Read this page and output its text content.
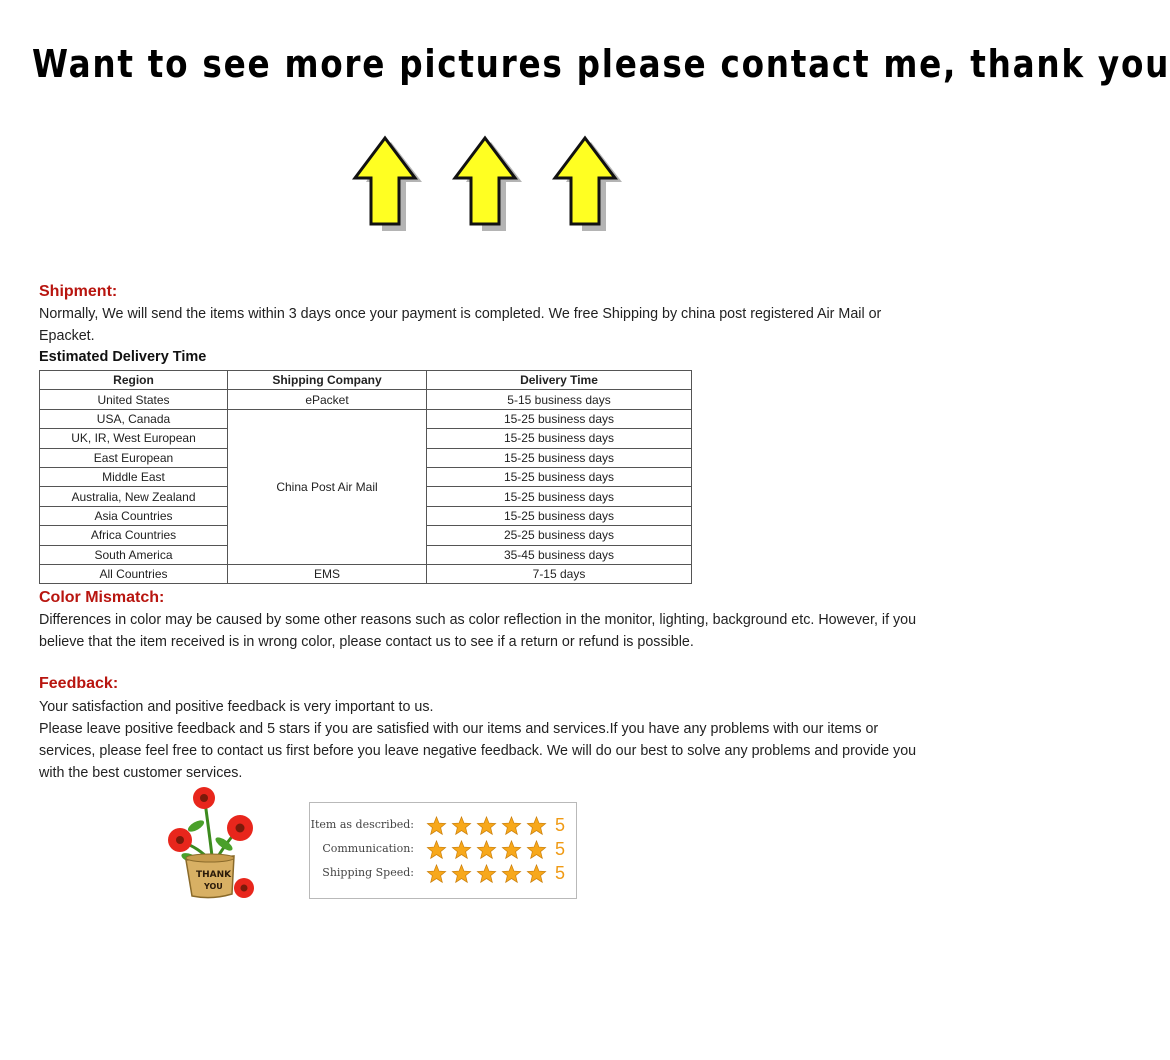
Want to see more pictures please contact me, thank you
Shipment:
Normally, We will send the items within 3 days once your payment is completed. We free Shipping by china post registered Air Mail or Epacket.
Estimated Delivery Time
Region	Shipping Company	Delivery Time
United States	ePacket	5-15 business days
USA, Canada	China Post Air Mail	15-25 business days
UK, IR, West European		15-25 business days
East European		15-25 business days
Middle East		15-25 business days
Australia, New Zealand		15-25 business days
Asia Countries		15-25 business days
Africa Countries		25-25 business days
South America		35-45 business days
All Countries	EMS	7-15 days
Color Mismatch:
Differences in color may be caused by some other reasons such as color reflection in the monitor, lighting, background etc. However, if you believe that the item received is in wrong color, please contact us to see if a return or refund is possible.
Feedback:
Your satisfaction and positive feedback is very important to us.
Please leave positive feedback and 5 stars if you are satisfied with our items and services.If you have any problems with our items or services, please feel free to contact us first before you leave negative feedback. We will do our best to solve any problems and provide you with the best customer services.
THANK
YOU
Item as described:	5
Communication:	5
Shipping Speed:	5
